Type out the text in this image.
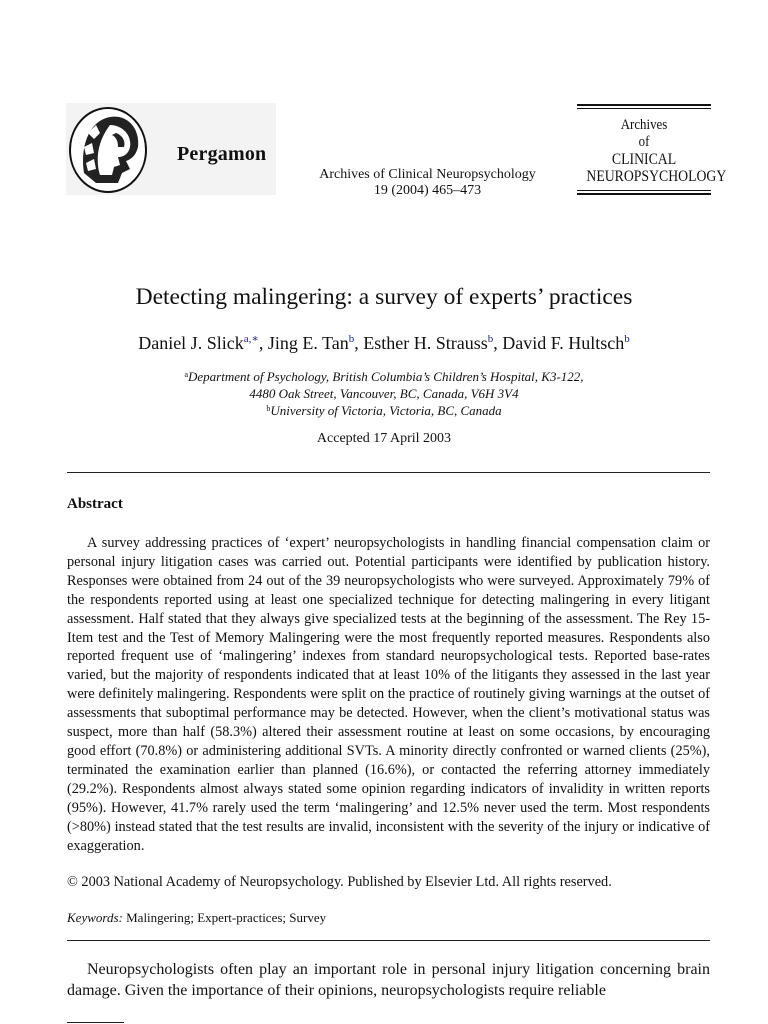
Pergamon
Archives of Clinical Neuropsychology
19 (2004) 465–473
Archives
of
CLINICAL
NEUROPSYCHOLOGY
Detecting malingering: a survey of experts’ practices
Daniel J. Slick$^{a,∗}$, Jing E. Tan$^b$, Esther H. Strauss$^b$, David F. Hultsch$^b$
$^a$Department of Psychology, British Columbia’s Children’s Hospital, K3-122,
4480 Oak Street, Vancouver, BC, Canada, V6H 3V4
$^b$University of Victoria, Victoria, BC, Canada
Accepted 17 April 2003
Abstract
A survey addressing practices of ‘expert’ neuropsychologists in handling financial compensation claim or personal injury litigation cases was carried out. Potential participants were identified by publication history. Responses were obtained from 24 out of the 39 neuropsychologists who were surveyed. Approximately 79% of the respondents reported using at least one specialized technique for detecting malingering in every litigant assessment. Half stated that they always give specialized tests at the beginning of the assessment. The Rey 15-Item test and the Test of Memory Malingering were the most frequently reported measures. Respondents also reported frequent use of ‘malingering’ indexes from standard neuropsychological tests. Reported base-rates varied, but the majority of respondents indicated that at least 10% of the litigants they assessed in the last year were definitely malingering. Respondents were split on the practice of routinely giving warnings at the outset of assessments that suboptimal performance may be detected. However, when the client’s motivational status was suspect, more than half (58.3%) altered their assessment routine at least on some occasions, by encouraging good effort (70.8%) or administering additional SVTs. A minority directly confronted or warned clients (25%), terminated the examination earlier than planned (16.6%), or contacted the referring attorney immediately (29.2%). Respondents almost always stated some opinion regarding indicators of invalidity in written reports (95%). However, 41.7% rarely used the term ‘malingering’ and 12.5% never used the term. Most respondents (>80%) instead stated that the test results are invalid, inconsistent with the severity of the injury or indicative of exaggeration.
© 2003 National Academy of Neuropsychology. Published by Elsevier Ltd. All rights reserved.
Keywords: Malingering; Expert-practices; Survey
Neuropsychologists often play an important role in personal injury litigation concerning brain damage. Given the importance of their opinions, neuropsychologists require reliable
